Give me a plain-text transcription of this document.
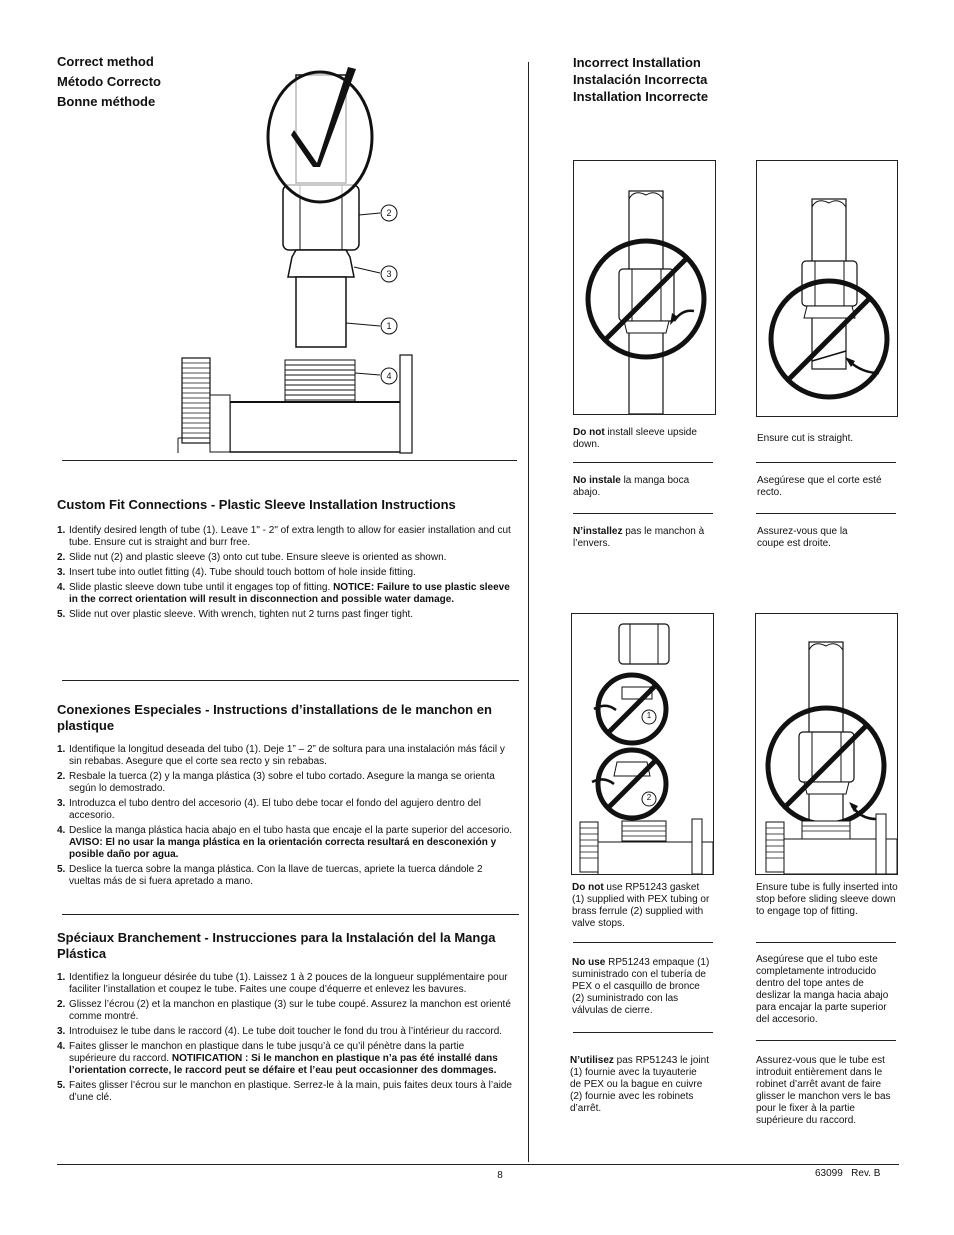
Correct method
Método Correcto
Bonne méthode
2
3
1
4
Custom Fit Connections - Plastic Sleeve Installation Instructions
1. Identify desired length of tube (1). Leave 1" - 2" of extra length to allow for easier installation and cut tube. Ensure cut is straight and burr free.
2. Slide nut (2) and plastic sleeve (3) onto cut tube. Ensure sleeve is oriented as shown.
3. Insert tube into outlet fitting (4). Tube should touch bottom of hole inside fitting.
4. Slide plastic sleeve down tube until it engages top of fitting. NOTICE: Failure to use plastic sleeve in the correct orientation will result in disconnection and possible water damage.
5. Slide nut over plastic sleeve. With wrench, tighten nut 2 turns past finger tight.
Conexiones Especiales - Instructions d’installations de le manchon en plastique
1. Identifique la longitud deseada del tubo (1). Deje 1” – 2” de soltura para una instalación más fácil y sin rebabas. Asegure que el corte sea recto y sin rebabas.
2. Resbale la tuerca (2) y la manga plástica (3) sobre el tubo cortado. Asegure la manga se orienta según lo demostrado.
3. Introduzca el tubo dentro del accesorio (4). El tubo debe tocar el fondo del agujero dentro del accesorio.
4. Deslice la manga plástica hacia abajo en el tubo hasta que encaje el la parte superior del accesorio. AVISO: El no usar la manga plástica en la orientación correcta resultará en desconexión y posible daño por agua.
5. Deslice la tuerca sobre la manga plástica. Con la llave de tuercas, apriete la tuerca dándole 2 vueltas más de si fuera apretado a mano.
Spéciaux Branchement - Instrucciones para la Instalación del la Manga Plástica
1. Identifiez la longueur désirée du tube (1). Laissez 1 à 2 pouces de la longueur supplémentaire pour faciliter l’installation et coupez le tube. Faites une coupe d’équerre et enlevez les bavures.
2. Glissez l’écrou (2) et la manchon en plastique (3) sur le tube coupé. Assurez la manchon est orienté comme montré.
3. Introduisez le tube dans le raccord (4). Le tube doit toucher le fond du trou à l’intérieur du raccord.
4. Faites glisser le manchon en plastique dans le tube jusqu’à ce qu’il pénètre dans la partie supérieure du raccord. NOTIFICATION : Si le manchon en plastique n’a pas été installé dans l’orientation correcte, le raccord peut se défaire et l’eau peut occasionner des dommages.
5. Faites glisser l’écrou sur le manchon en plastique. Serrez-le à la main, puis faites deux tours à l’aide d’une clé.
8	63099 Rev. B
Incorrect Installation
Instalación Incorrecta
Installation Incorrecte
Do not install sleeve upside down.
No instale la manga boca abajo.
N’installez pas le manchon à l’envers.
Ensure cut is straight.
Asegúrese que el corte esté recto.
Assurez-vous que la coupe est droite.
1
2
Do not use RP51243 gasket (1) supplied with PEX tubing or brass ferrule (2) supplied with valve stops.
No use RP51243 empaque (1) suministrado con el tubería de PEX o el casquillo de bronce (2) suministrado con las válvulas de cierre.
N’utilisez pas RP51243 le joint (1) fournie avec la tuyauterie de PEX ou la bague en cuivre (2) fournie avec les robinets d’arrêt.
Ensure tube is fully inserted into stop before sliding sleeve down to engage top of fitting.
Asegúrese que el tubo este completamente introducido dentro del tope antes de deslizar la manga hacia abajo para encajar la parte superior del accesorio.
Assurez-vous que le tube est introduit entièrement dans le robinet d’arrêt avant de faire glisser le manchon vers le bas pour le fixer à la partie supérieure du raccord.
